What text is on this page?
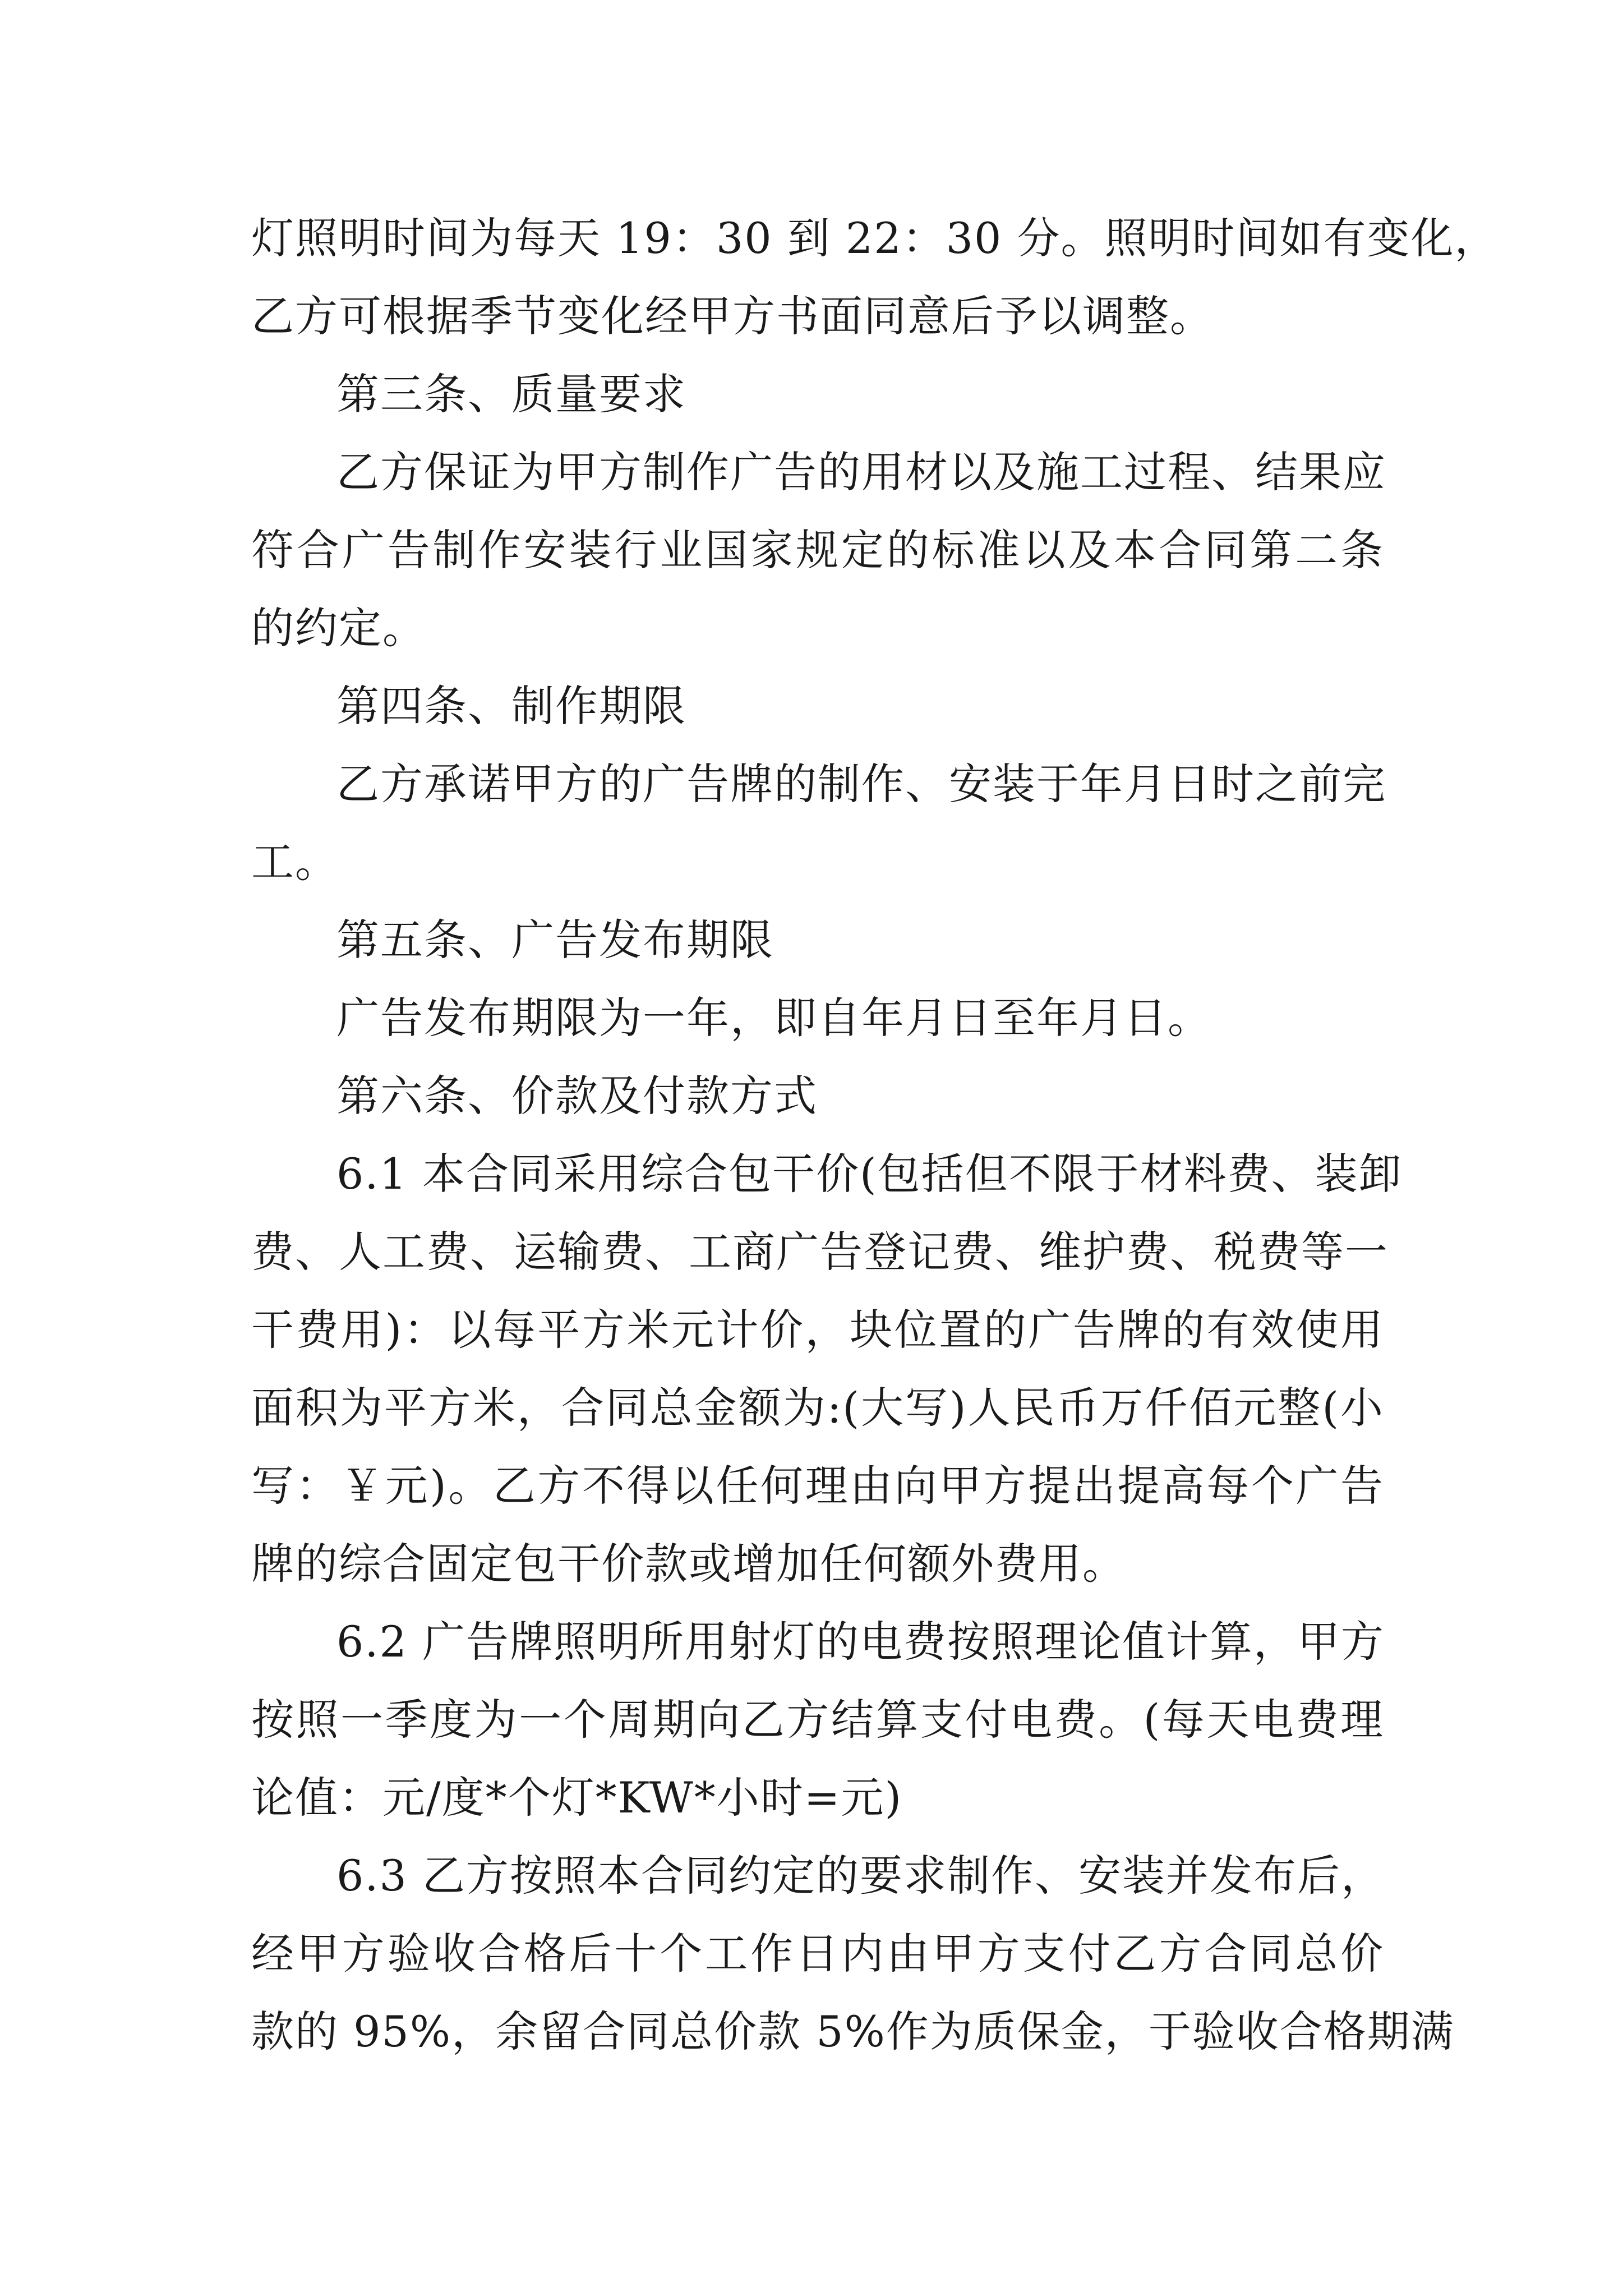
灯照明时间为每天 19：30 到 22：30 分。照明时间如有变化，
乙方可根据季节变化经甲方书面同意后予以调整。
第三条、质量要求
乙方保证为甲方制作广告的用材以及施工过程、结果应
符合广告制作安装行业国家规定的标准以及本合同第二条
的约定。
第四条、制作期限
乙方承诺甲方的广告牌的制作、安装于年月日时之前完
工。
第五条、广告发布期限
广告发布期限为一年，即自年月日至年月日。
第六条、价款及付款方式
6.1 本合同采用综合包干价(包括但不限于材料费、装卸
费、人工费、运输费、工商广告登记费、维护费、税费等一
干费用)：以每平方米元计价，块位置的广告牌的有效使用
面积为平方米，合同总金额为:(大写)人民币万仟佰元整(小
写：￥元)。乙方不得以任何理由向甲方提出提高每个广告
牌的综合固定包干价款或增加任何额外费用。
6.2 广告牌照明所用射灯的电费按照理论值计算，甲方
按照一季度为一个周期向乙方结算支付电费。(每天电费理
论值：元/度*个灯*KW*小时=元)
6.3 乙方按照本合同约定的要求制作、安装并发布后，
经甲方验收合格后十个工作日内由甲方支付乙方合同总价
款的 95%，余留合同总价款 5%作为质保金，于验收合格期满
